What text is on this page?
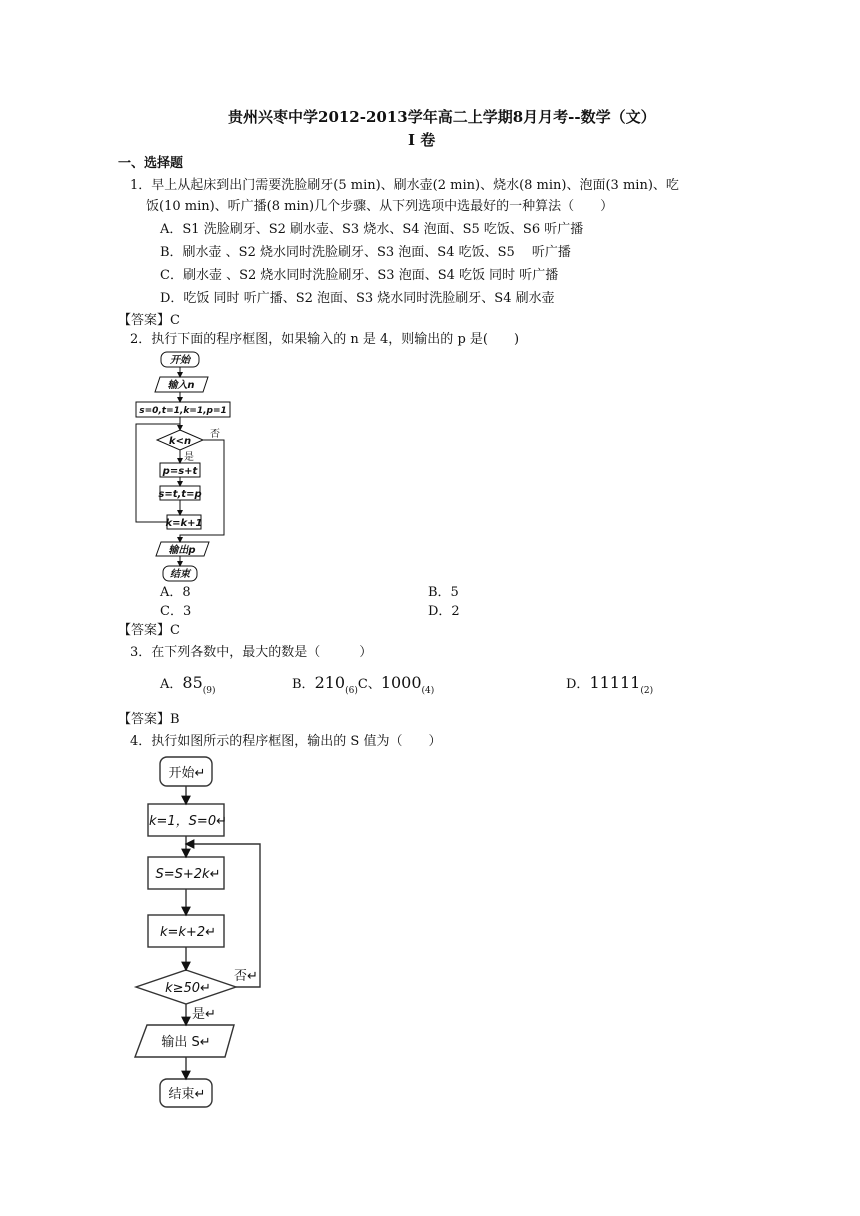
贵州兴枣中学2012-2013学年高二上学期8月月考--数学（文）
I 卷
一、选择题
1．早上从起床到出门需要洗脸刷牙(5 min)、刷水壶(2 min)、烧水(8 min)、泡面(3 min)、吃
饭(10 min)、听广播(8 min)几个步骤、从下列选项中选最好的一种算法（　　）
A．S1 洗脸刷牙、S2 刷水壶、S3 烧水、S4 泡面、S5 吃饭、S6 听广播
B．刷水壶 、S2 烧水同时洗脸刷牙、S3 泡面、S4 吃饭、S5　 听广播
C．刷水壶 、S2 烧水同时洗脸刷牙、S3 泡面、S4 吃饭 同时 听广播
D．吃饭 同时 听广播、S2 泡面、S3 烧水同时洗脸刷牙、S4 刷水壶
【答案】C
2．执行下面的程序框图，如果输入的 n 是 4，则输出的 p 是(　　)
开始
输入n
s=0,t=1,k=1,p=1
k<n
p=s+t
s=t,t=p
k=k+1
输出p
结束
否
是
A．8	B．5
C．3	D．2
【答案】C
3．在下列各数中，最大的数是（　　　）
A．$85_{(9)}$	B．$210_{(6)}C$、$1000_{(4)}$	D．$11111_{(2)}$
【答案】B
4．执行如图所示的程序框图，输出的 S 值为（　　）
开始↵
k=1，S=0↵
S=S+2k↵
k=k+2↵
k≥50↵
输出 S↵
结束↵
否↵
是↵
